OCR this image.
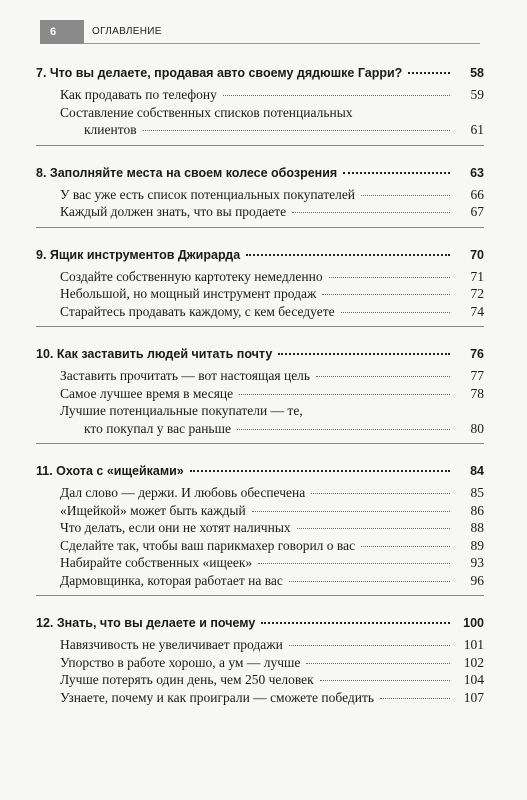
6	ОГЛАВЛЕНИЕ
7. Что вы делаете, продавая авто своему дядюшке Гарри?	58
Как продавать по телефону	59
Составление собственных списков потенциальных
клиентов	61
8. Заполняйте места на своем колесе обозрения	63
У вас уже есть список потенциальных покупателей	66
Каждый должен знать, что вы продаете	67
9. Ящик инструментов Джирарда	70
Создайте собственную картотеку немедленно	71
Небольшой, но мощный инструмент продаж	72
Старайтесь продавать каждому, с кем беседуете	74
10. Как заставить людей читать почту	76
Заставить прочитать — вот настоящая цель	77
Самое лучшее время в месяце	78
Лучшие потенциальные покупатели — те,
кто покупал у вас раньше	80
11. Охота с «ищейками»	84
Дал слово — держи. И любовь обеспечена	85
«Ищейкой» может быть каждый	86
Что делать, если они не хотят наличных	88
Сделайте так, чтобы ваш парикмахер говорил о вас	89
Набирайте собственных «ищеек»	93
Дармовщинка, которая работает на вас	96
12. Знать, что вы делаете и почему	100
Навязчивость не увеличивает продажи	101
Упорство в работе хорошо, а ум — лучше	102
Лучше потерять один день, чем 250 человек	104
Узнаете, почему и как проиграли — сможете победить	107
